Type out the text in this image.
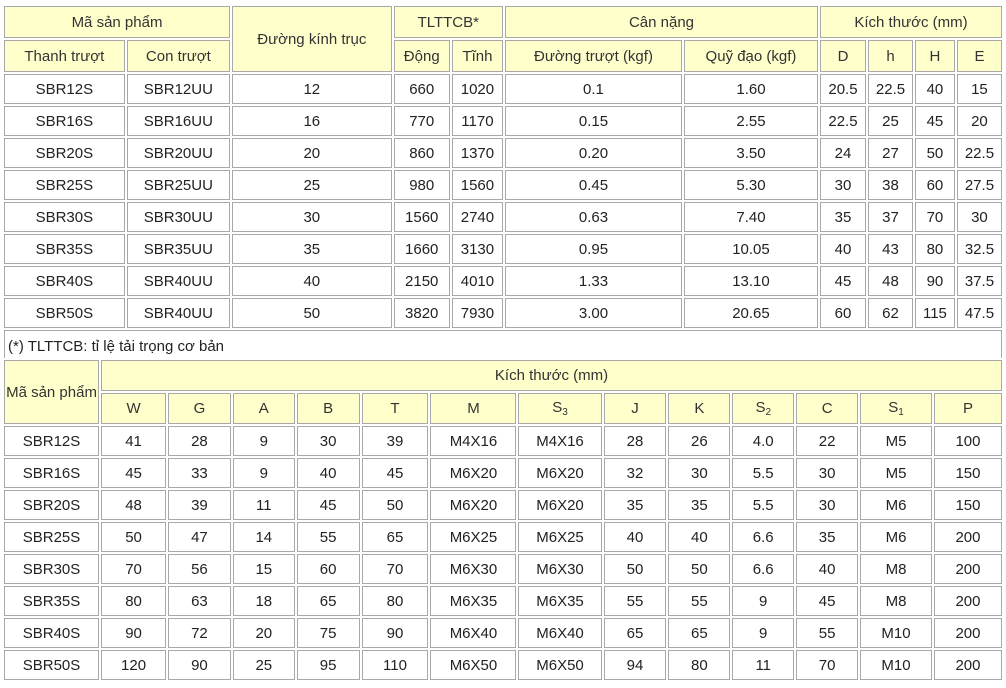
Mã sản phẩm		Đường kính trục	TLTTCB*		Cân nặng		Kích thước (mm)			
Thanh trượt	Con trượt		Động	Tĩnh	Đường trượt (kgf)	Quỹ đạo (kgf)	D	h	H	E
SBR12S	SBR12UU	12	660	1020	0.1	1.60	20.5	22.5	40	15
SBR16S	SBR16UU	16	770	1170	0.15	2.55	22.5	25	45	20
SBR20S	SBR20UU	20	860	1370	0.20	3.50	24	27	50	22.5
SBR25S	SBR25UU	25	980	1560	0.45	5.30	30	38	60	27.5
SBR30S	SBR30UU	30	1560	2740	0.63	7.40	35	37	70	30
SBR35S	SBR35UU	35	1660	3130	0.95	10.05	40	43	80	32.5
SBR40S	SBR40UU	40	2150	4010	1.33	13.10	45	48	90	37.5
SBR50S	SBR40UU	50	3820	7930	3.00	20.65	60	62	115	47.5
(*) TLTTCB: tỉ lệ tải trọng cơ bản										
Mã sản phẩm	Kích thước (mm)												
	W	G	A	B	T	M	$S_3$	J	K	$S_2$	C	$S_1$	P
SBR12S	41	28	9	30	39	M4X16	M4X16	28	26	4.0	22	M5	100
SBR16S	45	33	9	40	45	M6X20	M6X20	32	30	5.5	30	M5	150
SBR20S	48	39	11	45	50	M6X20	M6X20	35	35	5.5	30	M6	150
SBR25S	50	47	14	55	65	M6X25	M6X25	40	40	6.6	35	M6	200
SBR30S	70	56	15	60	70	M6X30	M6X30	50	50	6.6	40	M8	200
SBR35S	80	63	18	65	80	M6X35	M6X35	55	55	9	45	M8	200
SBR40S	90	72	20	75	90	M6X40	M6X40	65	65	9	55	M10	200
SBR50S	120	90	25	95	110	M6X50	M6X50	94	80	11	70	M10	200
